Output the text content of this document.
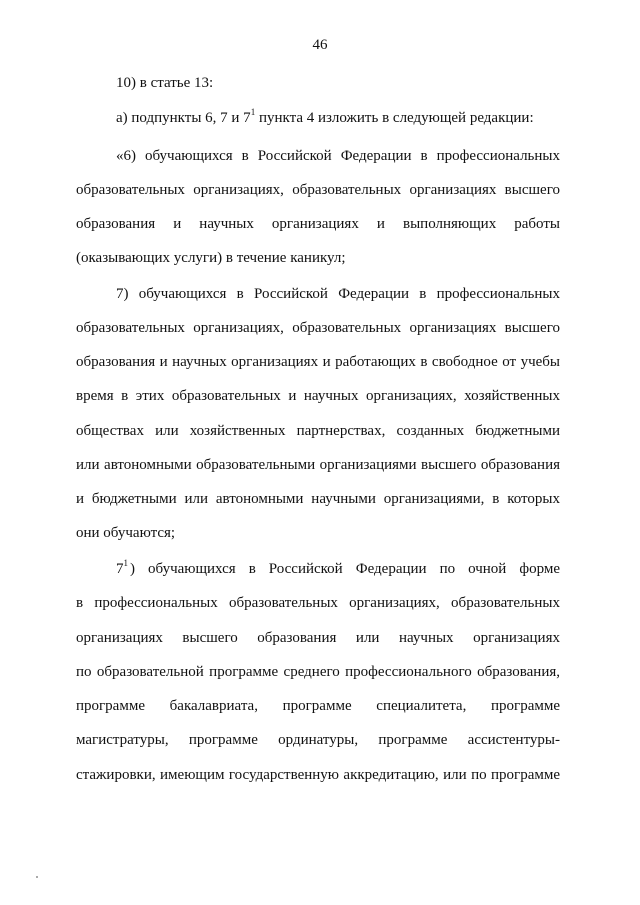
46
10) в статье 13:
а) подпункты 6, 7 и $7^1$ пункта 4 изложить в следующей редакции:
«6) обучающихся в Российской Федерации в профессиональных
образовательных организациях, образовательных организациях высшего
образования и научных организациях и выполняющих работы
(оказывающих услуги) в течение каникул;
7) обучающихся в Российской Федерации в профессиональных
образовательных организациях, образовательных организациях высшего
образования и научных организациях и работающих в свободное от учебы
время в этих образовательных и научных организациях, хозяйственных
обществах или хозяйственных партнерствах, созданных бюджетными
или автономными образовательными организациями высшего образования
и бюджетными или автономными научными организациями, в которых
они обучаются;
$7^1$ ) обучающихся в Российской Федерации по очной форме
в профессиональных образовательных организациях, образовательных
организациях высшего образования или научных организациях
по образовательной программе среднего профессионального образования,
программе бакалавриата, программе специалитета, программе
магистратуры, программе ординатуры, программе ассистентуры-
стажировки, имеющим государственную аккредитацию, или по программе
